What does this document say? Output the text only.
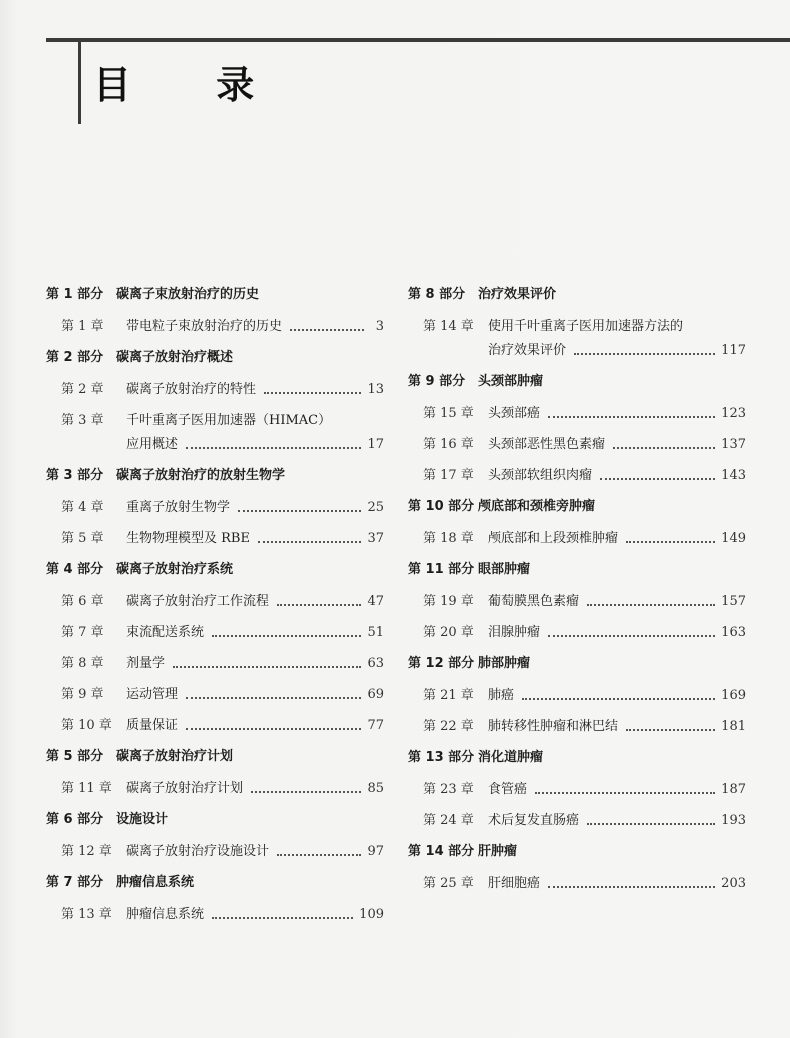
目 录
第 1 部分 碳离子束放射治疗的历史
第 1 章	带电粒子束放射治疗的历史	3
第 2 部分 碳离子放射治疗概述
第 2 章	碳离子放射治疗的特性	13
第 3 章	千叶重离子医用加速器（HIMAC）
应用概述	17
第 3 部分 碳离子放射治疗的放射生物学
第 4 章	重离子放射生物学	25
第 5 章	生物物理模型及 RBE	37
第 4 部分 碳离子放射治疗系统
第 6 章	碳离子放射治疗工作流程	47
第 7 章	束流配送系统	51
第 8 章	剂量学	63
第 9 章	运动管理	69
第 10 章	质量保证	77
第 5 部分 碳离子放射治疗计划
第 11 章	碳离子放射治疗计划	85
第 6 部分 设施设计
第 12 章	碳离子放射治疗设施设计	97
第 7 部分 肿瘤信息系统
第 13 章	肿瘤信息系统	109
第 8 部分 治疗效果评价
第 14 章	使用千叶重离子医用加速器方法的
治疗效果评价	117
第 9 部分 头颈部肿瘤
第 15 章	头颈部癌	123
第 16 章	头颈部恶性黑色素瘤	137
第 17 章	头颈部软组织肉瘤	143
第 10 部分 颅底部和颈椎旁肿瘤
第 18 章	颅底部和上段颈椎肿瘤	149
第 11 部分 眼部肿瘤
第 19 章	葡萄膜黑色素瘤	157
第 20 章	泪腺肿瘤	163
第 12 部分 肺部肿瘤
第 21 章	肺癌	169
第 22 章	肺转移性肿瘤和淋巴结	181
第 13 部分 消化道肿瘤
第 23 章	食管癌	187
第 24 章	术后复发直肠癌	193
第 14 部分 肝肿瘤
第 25 章	肝细胞癌	203
